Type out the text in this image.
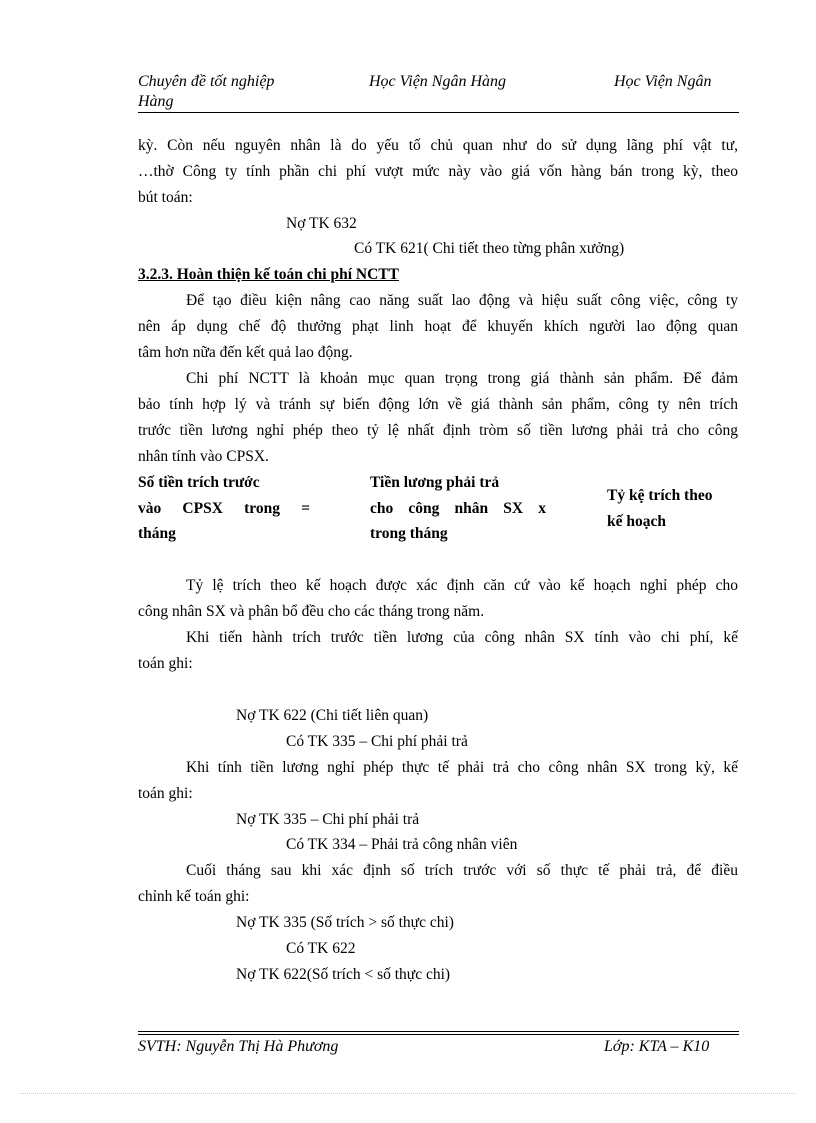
Chuyên đề tốt nghiệp
Hàng
Học Viện Ngân Hàng	Học Viện Ngân
kỳ. Còn nếu nguyên nhân là do yếu tố chủ quan như do sử dụng lãng phí vật tư,
…thờ Công ty tính phần chi phí vượt mức này vào giá vốn hàng bán trong kỳ, theo
bút toán:
Nợ TK 632
Có TK 621( Chi tiết theo từng phân xưởng)
3.2.3. Hoàn thiện kế toán chi phí NCTT
Để tạo điều kiện nâng cao năng suất lao động và hiệu suất công việc, công ty
nên áp dụng chế độ thưởng phạt linh hoạt để khuyến khích người lao động quan
tâm hơn nữa đến kết quả lao động.
Chi phí NCTT là khoản mục quan trọng trong giá thành sản phẩm. Để đảm
bảo tính hợp lý và tránh sự biến động lớn về giá thành sản phẩm, công ty nên trích
trước tiền lương nghỉ phép theo tỷ lệ nhất định tròm số tiền lương phải trả cho công
nhân tính vào CPSX.
Số tiền trích trước
vào CPSX trong =
tháng
Tiền lương phải trả
cho công nhân SX x
trong tháng
Tỷ kệ trích theo
kế hoạch
Tỷ lệ trích theo kế hoạch được xác định căn cứ vào kế hoạch nghỉ phép cho
công nhân SX và phân bổ đều cho các tháng trong năm.
Khi tiến hành trích trước tiền lương của công nhân SX tính vào chi phí, kế
toán ghi:
Nợ TK 622 (Chi tiết liên quan)
Có TK 335 – Chi phí phải trả
Khi tính tiền lương nghỉ phép thực tế phải trả cho công nhân SX trong kỳ, kế
toán ghi:
Nợ TK 335 – Chi phí phải trả
Có TK 334 – Phải trả công nhân viên
Cuối tháng sau khi xác định số trích trước với số thực tế phải trả, để điều
chỉnh kế toán ghi:
Nợ TK 335 (Số trích > số thực chi)
Có TK 622
Nợ TK 622(Số trích < số thực chi)
SVTH: Nguyễn Thị Hà Phương	Lớp: KTA – K10
